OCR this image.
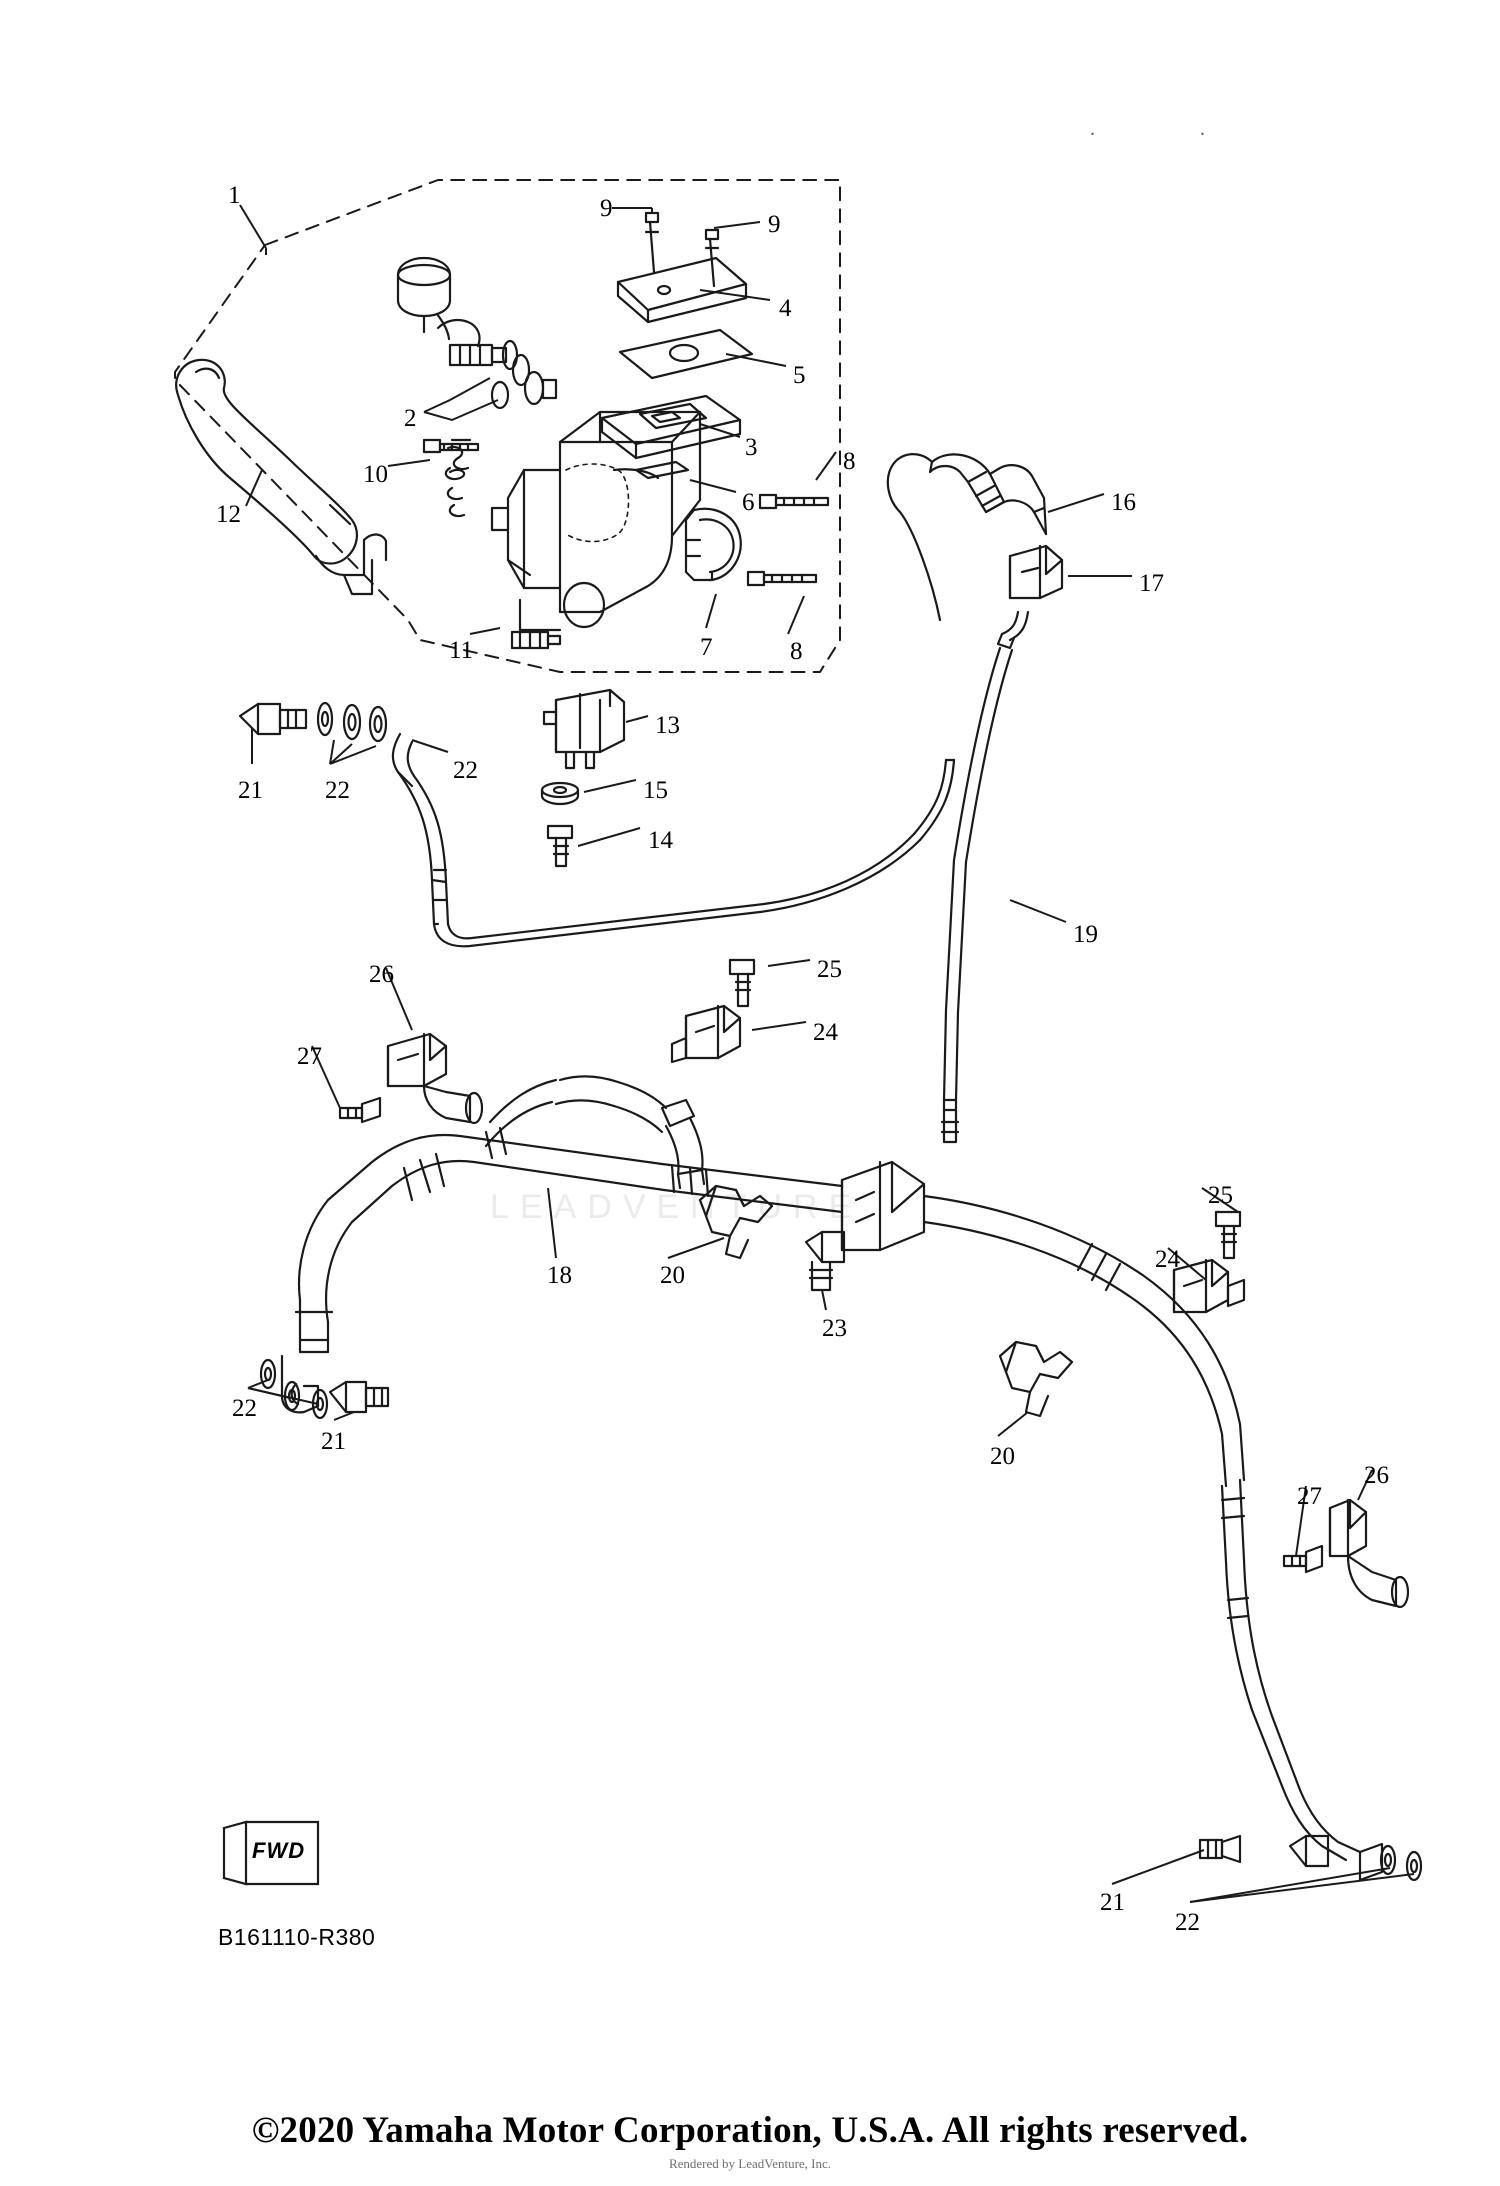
LEADVENTURE
.	.
1	9
9
4
5
3
2
6
8
16
17
10
12
11	7	8
13
21 22
22
15
14
19
26	25
24
27
18	20
23
25
24
22
21
20
27
26
21
22
FWD
B161110-R380
©2020 Yamaha Motor Corporation, U.S.A. All rights reserved.
Rendered by LeadVenture, Inc.
